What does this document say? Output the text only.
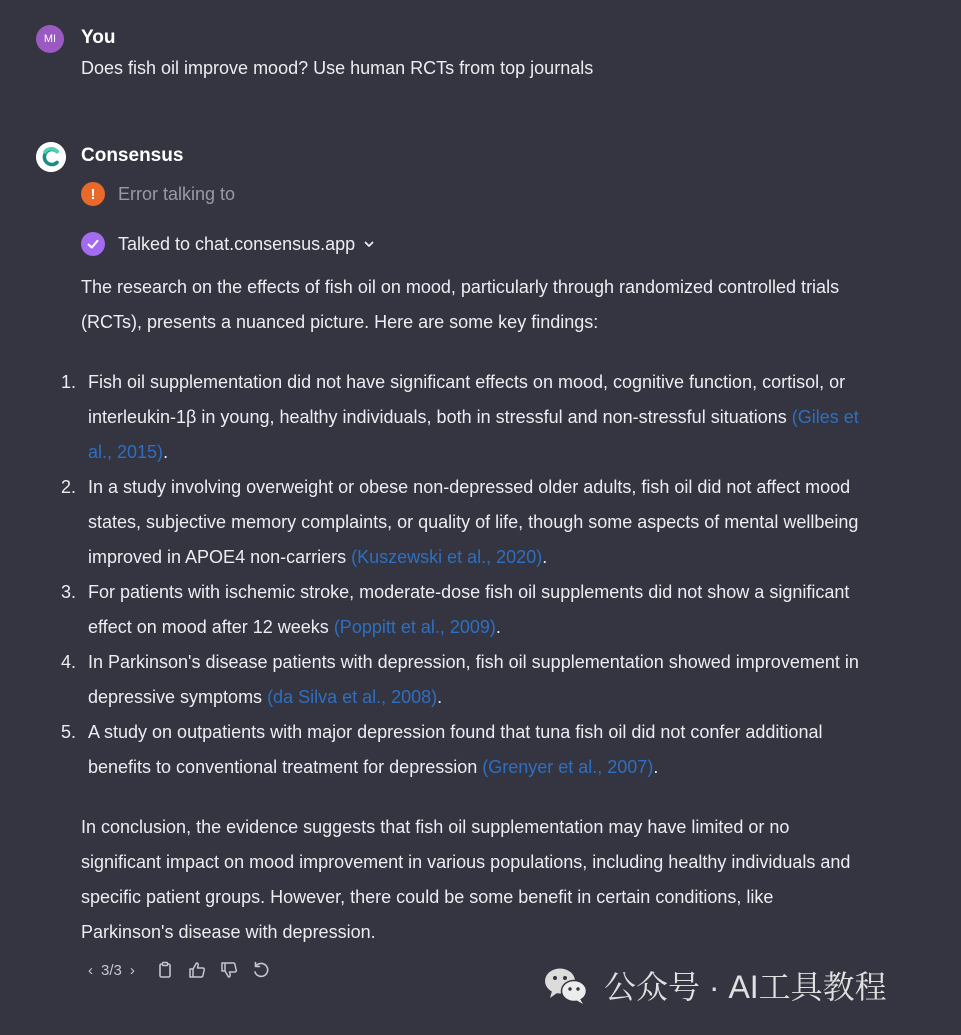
MI	You
Does fish oil improve mood? Use human RCTs from top journals
Consensus
!	Error talking to
Talked to chat.consensus.app
The research on the effects of fish oil on mood, particularly through randomized controlled trials (RCTs), presents a nuanced picture. Here are some key findings:
1. Fish oil supplementation did not have significant effects on mood, cognitive function, cortisol, or interleukin-1β in young, healthy individuals, both in stressful and non-stressful situations (Giles et al., 2015).
2. In a study involving overweight or obese non-depressed older adults, fish oil did not affect mood states, subjective memory complaints, or quality of life, though some aspects of mental wellbeing improved in APOE4 non-carriers (Kuszewski et al., 2020).
3. For patients with ischemic stroke, moderate-dose fish oil supplements did not show a significant effect on mood after 12 weeks (Poppitt et al., 2009).
4. In Parkinson's disease patients with depression, fish oil supplementation showed improvement in depressive symptoms (da Silva et al., 2008).
5. A study on outpatients with major depression found that tuna fish oil did not confer additional benefits to conventional treatment for depression (Grenyer et al., 2007).
In conclusion, the evidence suggests that fish oil supplementation may have limited or no significant impact on mood improvement in various populations, including healthy individuals and specific patient groups. However, there could be some benefit in certain conditions, like Parkinson's disease with depression.
‹ 3/3 ›	公众号 · AI工具教程
